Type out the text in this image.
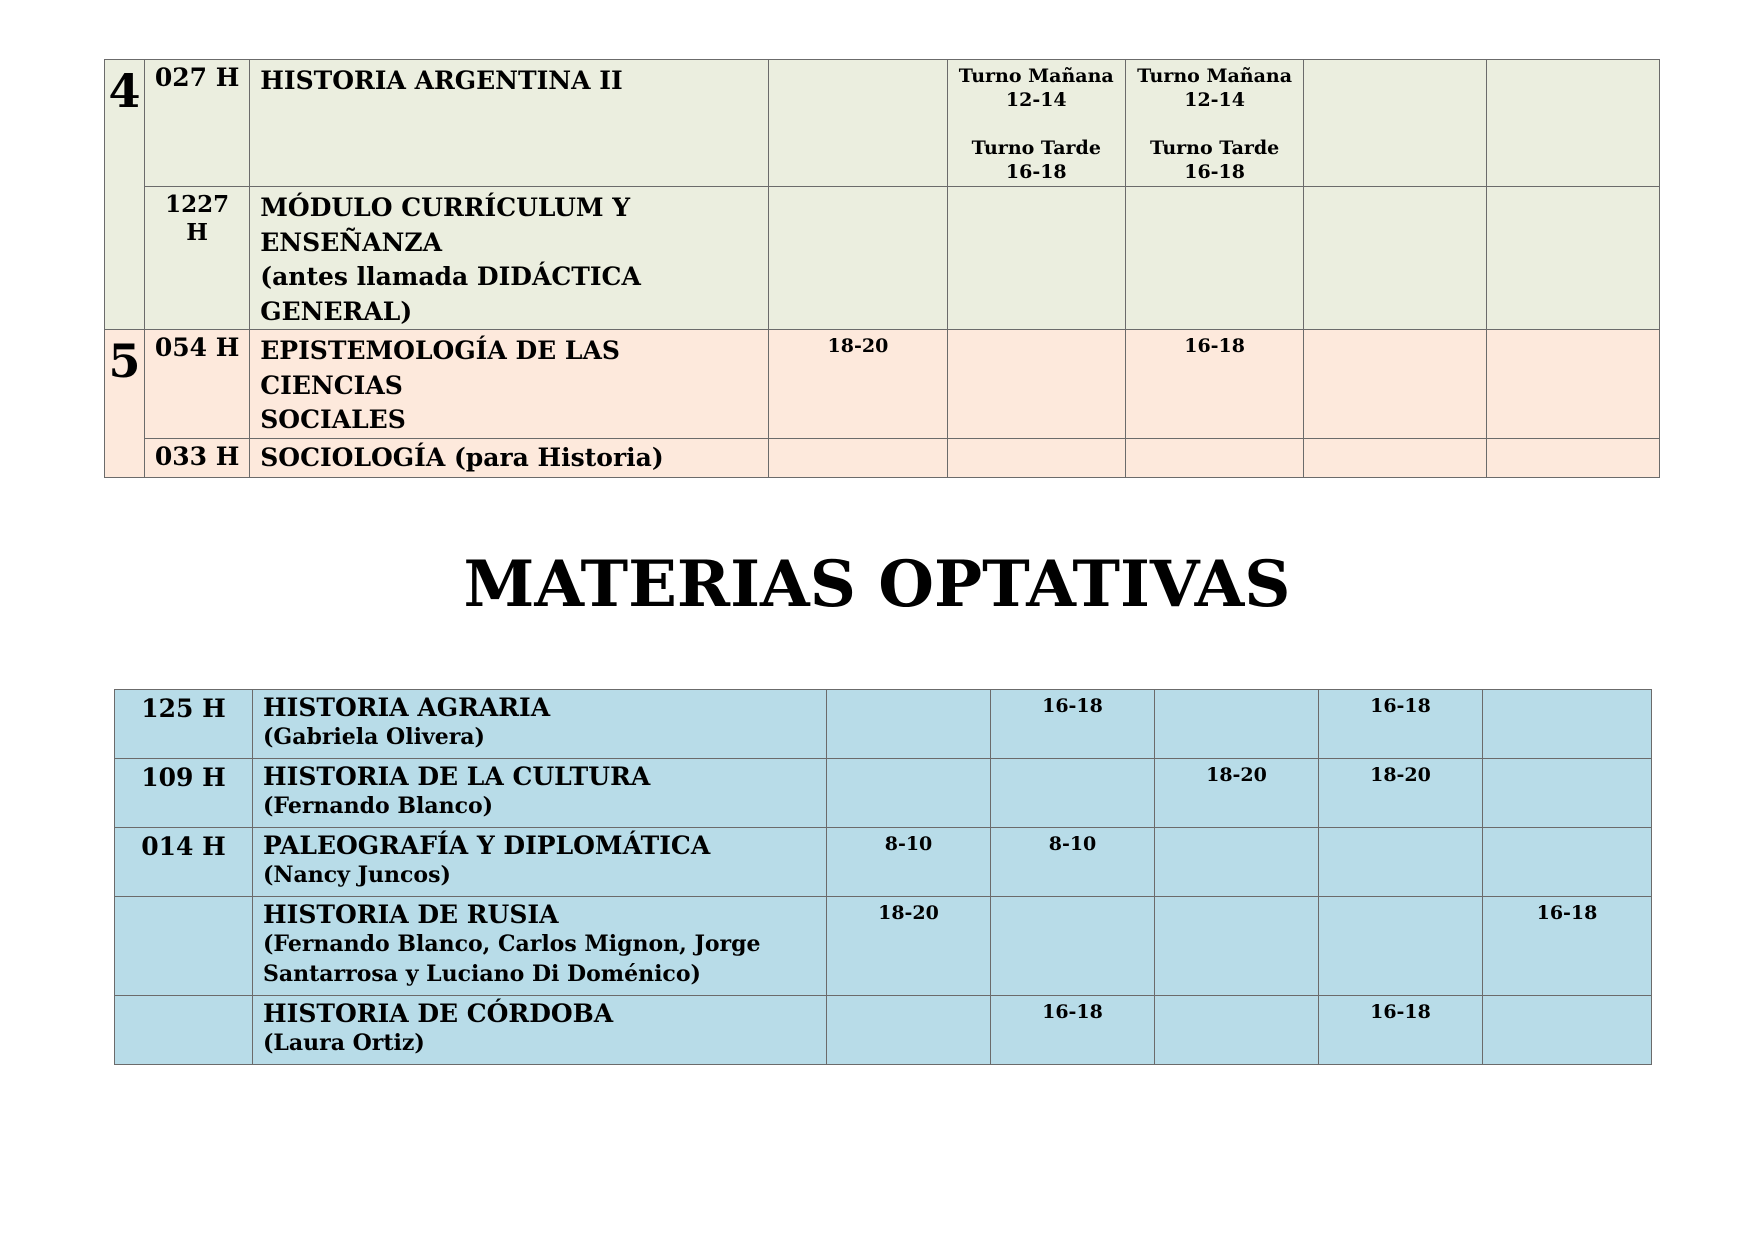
4	027 H	HISTORIA ARGENTINA II		Turno Mañana
12-14
Turno Tarde
16-18	Turno Mañana
12-14
Turno Tarde
16-18		

	1227
H	MÓDULO CURRÍCULUM Y
ENSEÑANZA
(antes llamada DIDÁCTICA GENERAL)					

5	054 H	EPISTEMOLOGÍA DE LAS CIENCIAS
SOCIALES	18-20		16-18		
	033 H	SOCIOLOGÍA (para Historia)					

MATERIAS OPTATIVAS
125 H	HISTORIA AGRARIA
(Gabriela Olivera)		16-18		16-18	
109 H	HISTORIA DE LA CULTURA
(Fernando Blanco)			18-20	18-20	
014 H	PALEOGRAFÍA Y DIPLOMÁTICA
(Nancy Juncos)	8-10	8-10			

	HISTORIA DE RUSIA
(Fernando Blanco, Carlos Mignon, Jorge
Santarrosa y Luciano Di Doménico)	18-20				16-18

	HISTORIA DE CÓRDOBA
(Laura Ortiz)		16-18		16-18	
